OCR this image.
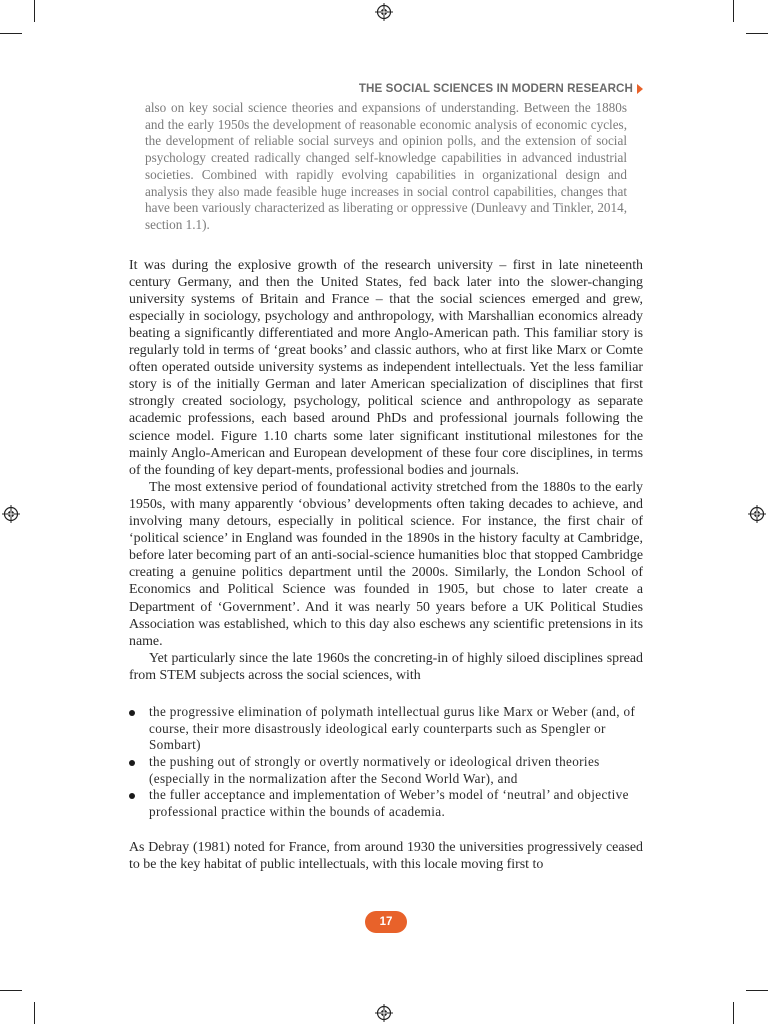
THE SOCIAL SCIENCES IN MODERN RESEARCH

also on key social science theories and expansions of understanding. Between the 1880s and the early 1950s the development of reasonable economic analysis of economic cycles, the development of reliable social surveys and opinion polls, and the extension of social psychology created radically changed self-knowledge capabilities in advanced industrial societies. Combined with rapidly evolving capabilities in organizational design and analysis they also made feasible huge increases in social control capabilities, changes that have been variously characterized as liberating or oppressive (Dunleavy and Tinkler, 2014, section 1.1).

It was during the explosive growth of the research university – first in late nineteenth century Germany, and then the United States, fed back later into the slower-changing university systems of Britain and France – that the social sciences emerged and grew, especially in sociology, psychology and anthropology, with Marshallian economics already beating a significantly differentiated and more Anglo-American path. This familiar story is regularly told in terms of ‘great books’ and classic authors, who at first like Marx or Comte often operated outside university systems as independent intellectuals. Yet the less familiar story is of the initially German and later American specialization of disciplines that first strongly created sociology, psychology, political science and anthropology as separate academic professions, each based around PhDs and professional journals following the science model. Figure 1.10 charts some later significant institutional milestones for the mainly Anglo-American and European development of these four core disciplines, in terms of the founding of key depart-ments, professional bodies and journals.

The most extensive period of foundational activity stretched from the 1880s to the early 1950s, with many apparently ‘obvious’ developments often taking decades to achieve, and involving many detours, especially in political science. For instance, the first chair of ‘political science’ in England was founded in the 1890s in the history faculty at Cambridge, before later becoming part of an anti-social-science humanities bloc that stopped Cambridge creating a genuine politics department until the 2000s. Similarly, the London School of Economics and Political Science was founded in 1905, but chose to later create a Department of ‘Government’. And it was nearly 50 years before a UK Political Studies Association was established, which to this day also eschews any scientific pretensions in its name.

Yet particularly since the late 1960s the concreting-in of highly siloed disciplines spread from STEM subjects across the social sciences, with

the progressive elimination of polymath intellectual gurus like Marx or Weber (and, of course, their more disastrously ideological early counterparts such as Spengler or Sombart)
the pushing out of strongly or overtly normatively or ideological driven theories (especially in the normalization after the Second World War), and
the fuller acceptance and implementation of Weber’s model of ‘neutral’ and objective professional practice within the bounds of academia.

As Debray (1981) noted for France, from around 1930 the universities progressively ceased to be the key habitat of public intellectuals, with this locale moving first to

17
